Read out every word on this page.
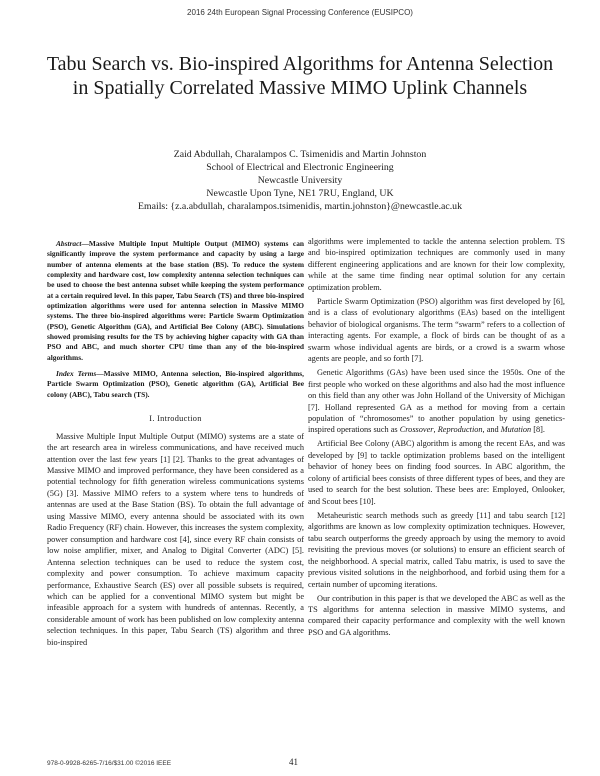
2016 24th European Signal Processing Conference (EUSIPCO)
Tabu Search vs. Bio-inspired Algorithms for Antenna Selection in Spatially Correlated Massive MIMO Uplink Channels
Zaid Abdullah, Charalampos C. Tsimenidis and Martin Johnston
School of Electrical and Electronic Engineering
Newcastle University
Newcastle Upon Tyne, NE1 7RU, England, UK
Emails: {z.a.abdullah, charalampos.tsimenidis, martin.johnston}@newcastle.ac.uk

Abstract—Massive Multiple Input Multiple Output (MIMO) systems can significantly improve the system performance and capacity by using a large number of antenna elements at the base station (BS). To reduce the system complexity and hardware cost, low complexity antenna selection techniques can be used to choose the best antenna subset while keeping the system performance at a certain required level. In this paper, Tabu Search (TS) and three bio-inspired optimization algorithms were used for antenna selection in Massive MIMO systems. The three bio-inspired algorithms were: Particle Swarm Optimization (PSO), Genetic Algorithm (GA), and Artificial Bee Colony (ABC). Simulations showed promising results for the TS by achieving higher capacity with GA than PSO and ABC, and much shorter CPU time than any of the bio-inspired algorithms.

Index Terms—Massive MIMO, Antenna selection, Bio-inspired algorithms, Particle Swarm Optimization (PSO), Genetic algorithm (GA), Artificial Bee colony (ABC), Tabu search (TS).

I. Introduction

Massive Multiple Input Multiple Output (MIMO) systems are a state of the art research area in wireless communications, and have received much attention over the last few years [1] [2]. Thanks to the great advantages of Massive MIMO and improved performance, they have been considered as a potential technology for fifth generation wireless communications systems (5G) [3]. Massive MIMO refers to a system where tens to hundreds of antennas are used at the Base Station (BS). To obtain the full advantage of using Massive MIMO, every antenna should be associated with its own Radio Frequency (RF) chain. However, this increases the system complexity, power consumption and hardware cost [4], since every RF chain consists of low noise amplifier, mixer, and Analog to Digital Converter (ADC) [5]. Antenna selection techniques can be used to reduce the system cost, complexity and power consumption. To achieve maximum capacity performance, Exhaustive Search (ES) over all possible subsets is required, which can be applied for a conventional MIMO system but might be infeasible approach for a system with hundreds of antennas. Recently, a considerable amount of work has been published on low complexity antenna selection techniques. In this paper, Tabu Search (TS) algorithm and three bio-inspired

algorithms were implemented to tackle the antenna selection problem. TS and bio-inspired optimization techniques are commonly used in many different engineering applications and are known for their low complexity, while at the same time finding near optimal solution for any certain optimization problem.

Particle Swarm Optimization (PSO) algorithm was first developed by [6], and is a class of evolutionary algorithms (EAs) based on the intelligent behavior of biological organisms. The term “swarm” refers to a collection of interacting agents. For example, a flock of birds can be thought of as a swarm whose individual agents are birds, or a crowd is a swarm whose agents are people, and so forth [7].

Genetic Algorithms (GAs) have been used since the 1950s. One of the first people who worked on these algorithms and also had the most influence on this field than any other was John Holland of the University of Michigan [7]. Holland represented GA as a method for moving from a certain population of “chromosomes” to another population by using genetics-inspired operations such as Crossover, Reproduction, and Mutation [8].

Artificial Bee Colony (ABC) algorithm is among the recent EAs, and was developed by [9] to tackle optimization problems based on the intelligent behavior of honey bees on finding food sources. In ABC algorithm, the colony of artificial bees consists of three different types of bees, and they are used to search for the best solution. These bees are: Employed, Onlooker, and Scout bees [10].

Metaheuristic search methods such as greedy [11] and tabu search [12] algorithms are known as low complexity optimization techniques. However, tabu search outperforms the greedy approach by using the memory to avoid revisiting the previous moves (or solutions) to ensure an efficient search of the neighborhood. A special matrix, called Tabu matrix, is used to save the previous visited solutions in the neighborhood, and forbid using them for a certain number of upcoming iterations.

Our contribution in this paper is that we developed the ABC as well as the TS algorithms for antenna selection in massive MIMO systems, and compared their capacity performance and complexity with the well known PSO and GA algorithms.

978-0-9928-6265-7/16/$31.00 ©2016 IEEE	41
